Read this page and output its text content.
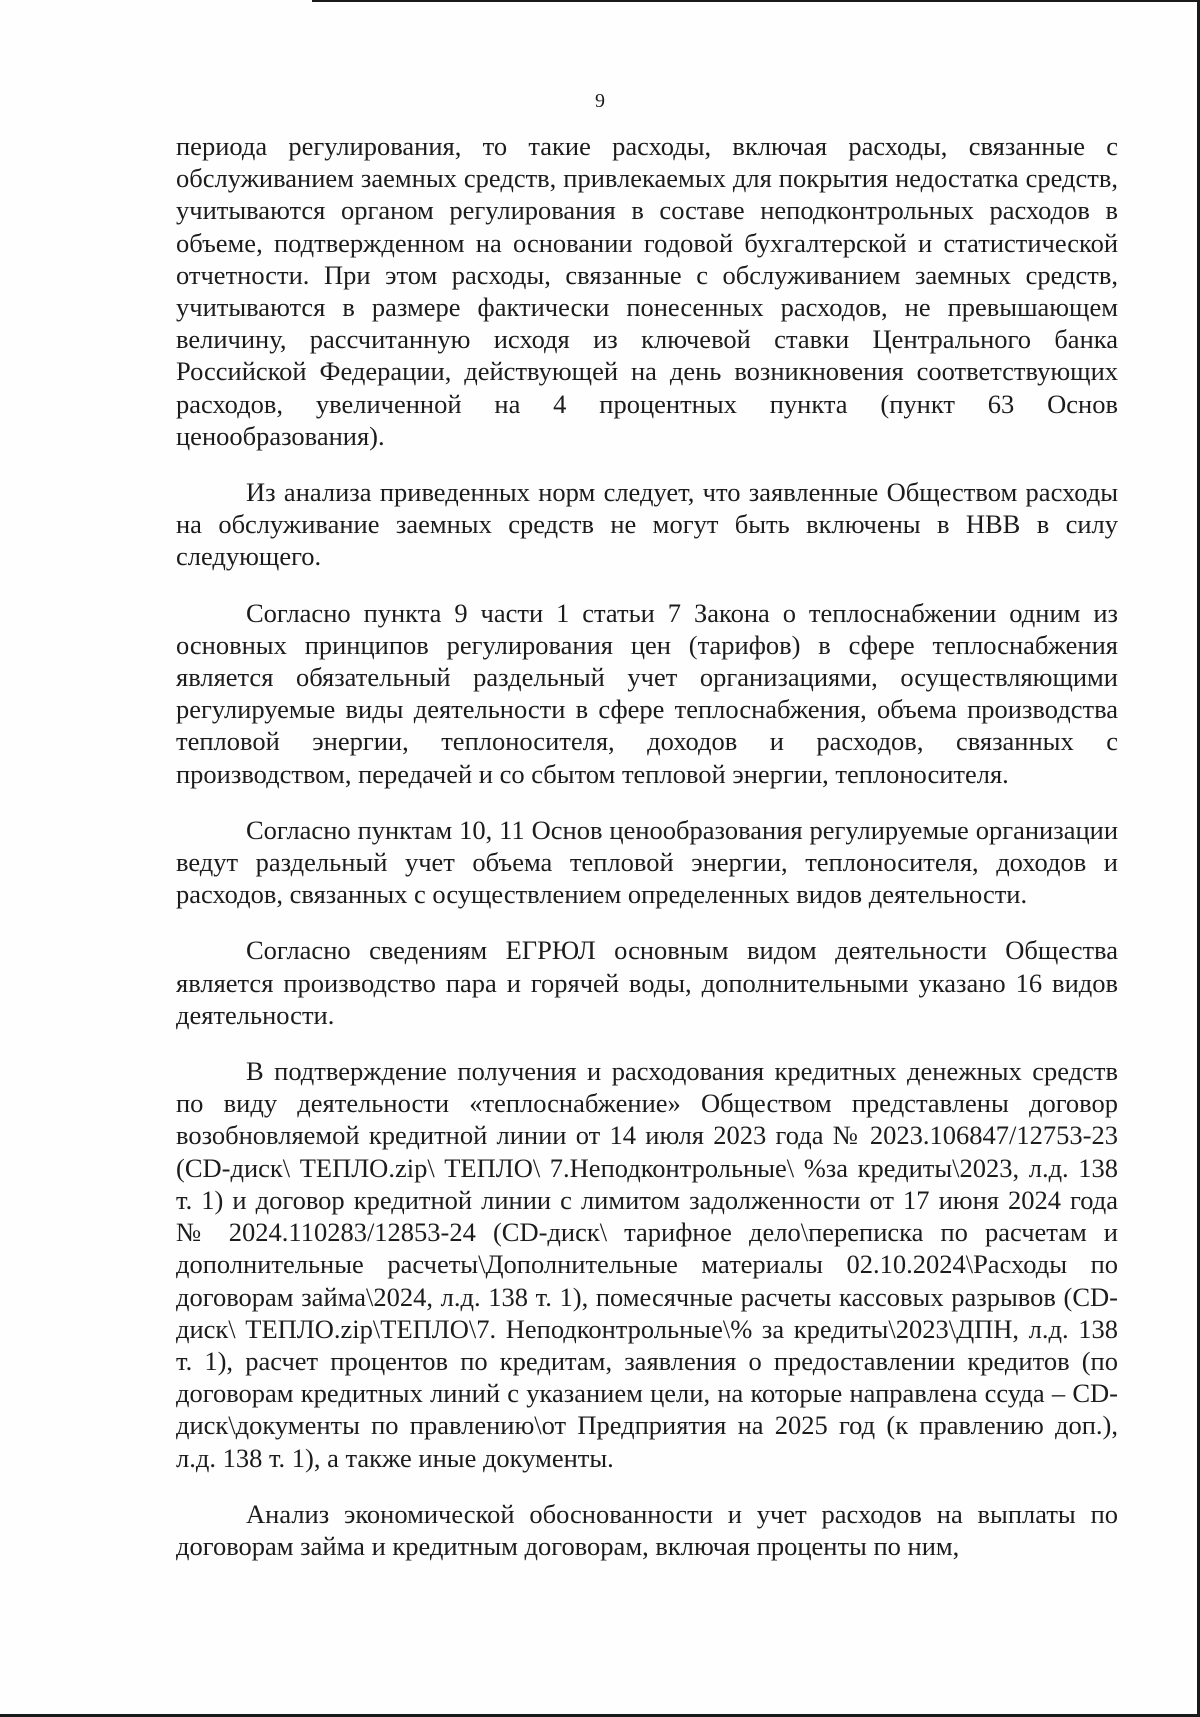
9

периода регулирования, то такие расходы, включая расходы, связанные с обслуживанием заемных средств, привлекаемых для покрытия недостатка средств, учитываются органом регулирования в составе неподконтрольных расходов в объеме, подтвержденном на основании годовой бухгалтерской и статистической отчетности. При этом расходы, связанные с обслуживанием заемных средств, учитываются в размере фактически понесенных расходов, не превышающем величину, рассчитанную исходя из ключевой ставки Центрального банка Российской Федерации, действующей на день возникновения соответствующих расходов, увеличенной на 4 процентных пункта (пункт 63 Основ ценообразования).

Из анализа приведенных норм следует, что заявленные Обществом расходы на обслуживание заемных средств не могут быть включены в НВВ в силу следующего.

Согласно пункта 9 части 1 статьи 7 Закона о теплоснабжении одним из основных принципов регулирования цен (тарифов) в сфере теплоснабжения является обязательный раздельный учет организациями, осуществляющими регулируемые виды деятельности в сфере теплоснабжения, объема производства тепловой энергии, теплоносителя, доходов и расходов, связанных с производством, передачей и со сбытом тепловой энергии, теплоносителя.

Согласно пунктам 10, 11 Основ ценообразования регулируемые организации ведут раздельный учет объема тепловой энергии, теплоносителя, доходов и расходов, связанных с осуществлением определенных видов деятельности.

Согласно сведениям ЕГРЮЛ основным видом деятельности Общества является производство пара и горячей воды, дополнительными указано 16 видов деятельности.

В подтверждение получения и расходования кредитных денежных средств по виду деятельности «теплоснабжение» Обществом представлены договор возобновляемой кредитной линии от 14 июля 2023 года № 2023.106847/12753-23 (CD-диск\ ТЕПЛО.zip\ ТЕПЛО\ 7.Неподконтрольные\ %за кредиты\2023, л.д. 138 т. 1) и договор кредитной линии с лимитом задолженности от 17 июня 2024 года № 2024.110283/12853-24 (CD-диск\ тарифное дело\переписка по расчетам и дополнительные расчеты\Дополнительные материалы 02.10.2024\Расходы по договорам займа\2024, л.д. 138 т. 1), помесячные расчеты кассовых разрывов (CD-диск\ ТЕПЛО.zip\ТЕПЛО\7. Неподконтрольные\% за кредиты\2023\ДПН, л.д. 138 т. 1), расчет процентов по кредитам, заявления о предоставлении кредитов (по договорам кредитных линий с указанием цели, на которые направлена ссуда – CD-диск\документы по правлению\от Предприятия на 2025 год (к правлению доп.), л.д. 138 т. 1), а также иные документы.

Анализ экономической обоснованности и учет расходов на выплаты по договорам займа и кредитным договорам, включая проценты по ним,
